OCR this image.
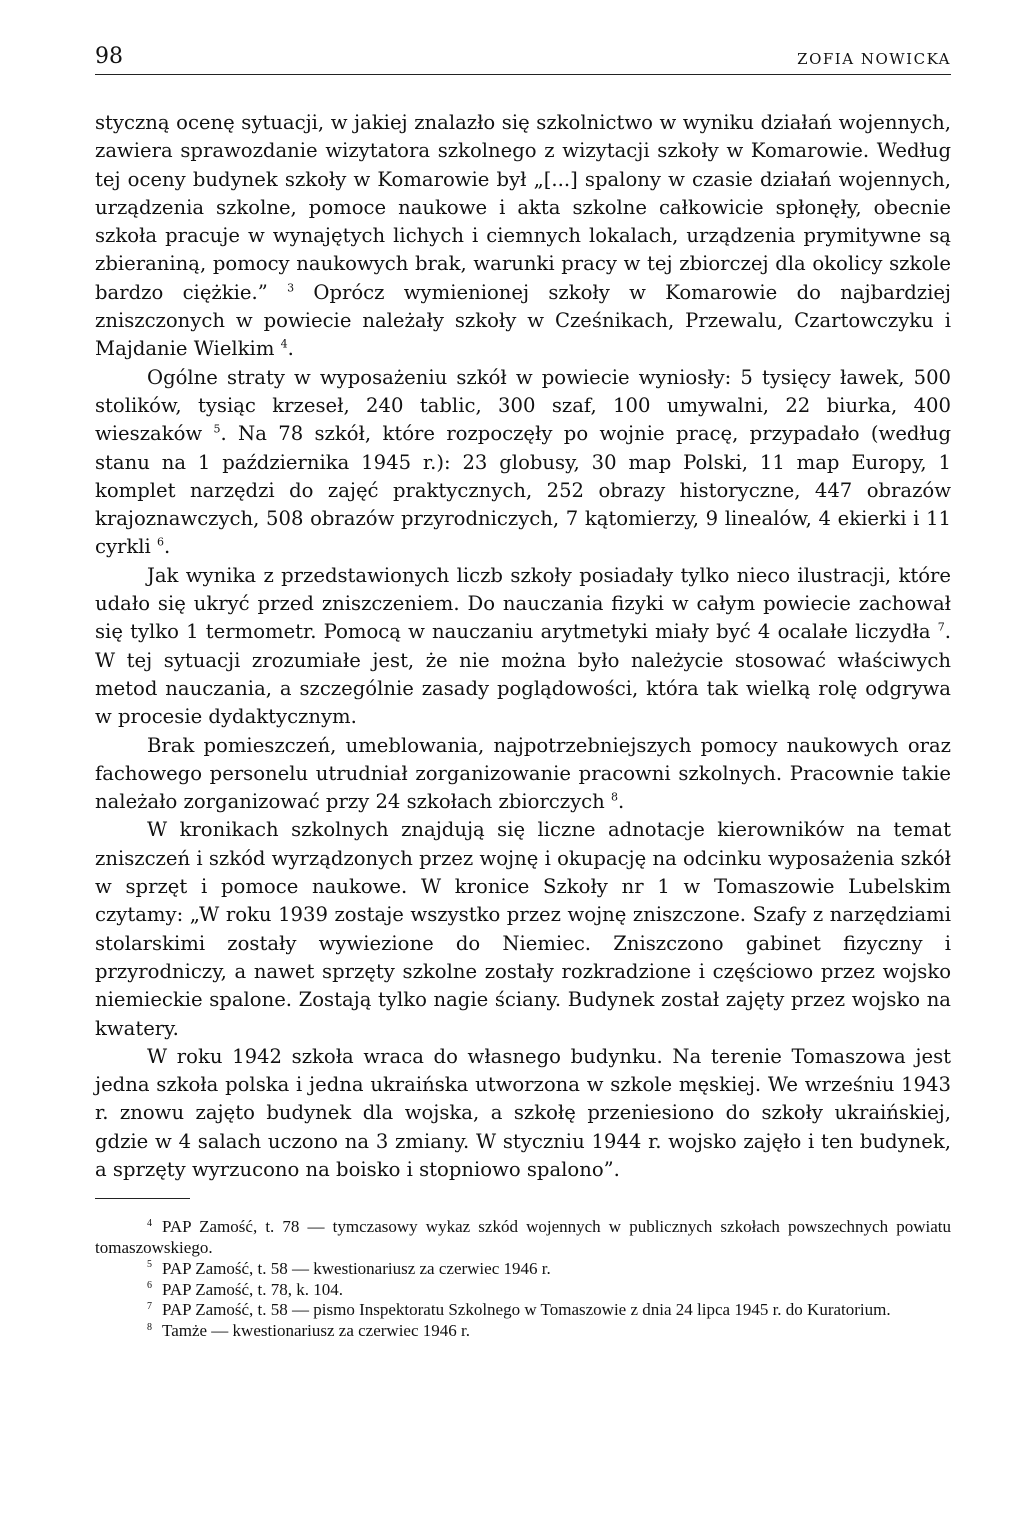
98	ZOFIA NOWICKA

styczną ocenę sytuacji, w jakiej znalazło się szkolnictwo w wyniku działań wojennych, zawiera sprawozdanie wizytatora szkolnego z wizytacji szkoły w Komarowie. Według tej oceny budynek szkoły w Komarowie był „[...] spalony w czasie działań wojennych, urządzenia szkolne, pomoce naukowe i akta szkolne całkowicie spłonęły, obecnie szkoła pracuje w wynajętych lichych i ciemnych lokalach, urządzenia prymitywne są zbieraniną, pomocy naukowych brak, warunki pracy w tej zbiorczej dla okolicy szkole bardzo ciężkie.” $^3$ Oprócz wymienionej szkoły w Komarowie do najbardziej zniszczonych w powiecie należały szkoły w Cześnikach, Przewalu, Czartowczyku i Majdanie Wielkim $^4$.

Ogólne straty w wyposażeniu szkół w powiecie wyniosły: 5 tysięcy ławek, 500 stolików, tysiąc krzeseł, 240 tablic, 300 szaf, 100 umywalni, 22 biurka, 400 wieszaków $^5$. Na 78 szkół, które rozpoczęły po wojnie pracę, przypadało (według stanu na 1 października 1945 r.): 23 globusy, 30 map Polski, 11 map Europy, 1 komplet narzędzi do zajęć praktycznych, 252 obrazy historyczne, 447 obrazów krajoznawczych, 508 obrazów przyrodniczych, 7 kątomierzy, 9 linealów, 4 ekierki i 11 cyrkli $^6$.

Jak wynika z przedstawionych liczb szkoły posiadały tylko nieco ilustracji, które udało się ukryć przed zniszczeniem. Do nauczania fizyki w całym powiecie zachował się tylko 1 termometr. Pomocą w nauczaniu arytmetyki miały być 4 ocalałe liczydła $^7$. W tej sytuacji zrozumiałe jest, że nie można było należycie stosować właściwych metod nauczania, a szczególnie zasady poglądowości, która tak wielką rolę odgrywa w procesie dydaktycznym.

Brak pomieszczeń, umeblowania, najpotrzebniejszych pomocy naukowych oraz fachowego personelu utrudniał zorganizowanie pracowni szkolnych. Pracownie takie należało zorganizować przy 24 szkołach zbiorczych $^8$.

W kronikach szkolnych znajdują się liczne adnotacje kierowników na temat zniszczeń i szkód wyrządzonych przez wojnę i okupację na odcinku wyposażenia szkół w sprzęt i pomoce naukowe. W kronice Szkoły nr 1 w Tomaszowie Lubelskim czytamy: „W roku 1939 zostaje wszystko przez wojnę zniszczone. Szafy z narzędziami stolarskimi zostały wywiezione do Niemiec. Zniszczono gabinet fizyczny i przyrodniczy, a nawet sprzęty szkolne zostały rozkradzione i częściowo przez wojsko niemieckie spalone. Zostają tylko nagie ściany. Budynek został zajęty przez wojsko na kwatery.

W roku 1942 szkoła wraca do własnego budynku. Na terenie Tomaszowa jest jedna szkoła polska i jedna ukraińska utworzona w szkole męskiej. We wrześniu 1943 r. znowu zajęto budynek dla wojska, a szkołę przeniesiono do szkoły ukraińskiej, gdzie w 4 salach uczono na 3 zmiany. W styczniu 1944 r. wojsko zajęło i ten budynek, a sprzęty wyrzucono na boisko i stopniowo spalono”.

$^4$ PAP Zamość, t. 78 — tymczasowy wykaz szkód wojennych w publicznych szkołach powszechnych powiatu tomaszowskiego.

$^5$ PAP Zamość, t. 58 — kwestionariusz za czerwiec 1946 r.

$^6$ PAP Zamość, t. 78, k. 104.

$^7$ PAP Zamość, t. 58 — pismo Inspektoratu Szkolnego w Tomaszowie z dnia 24 lipca 1945 r. do Kuratorium.

$^8$ Tamże — kwestionariusz za czerwiec 1946 r.
